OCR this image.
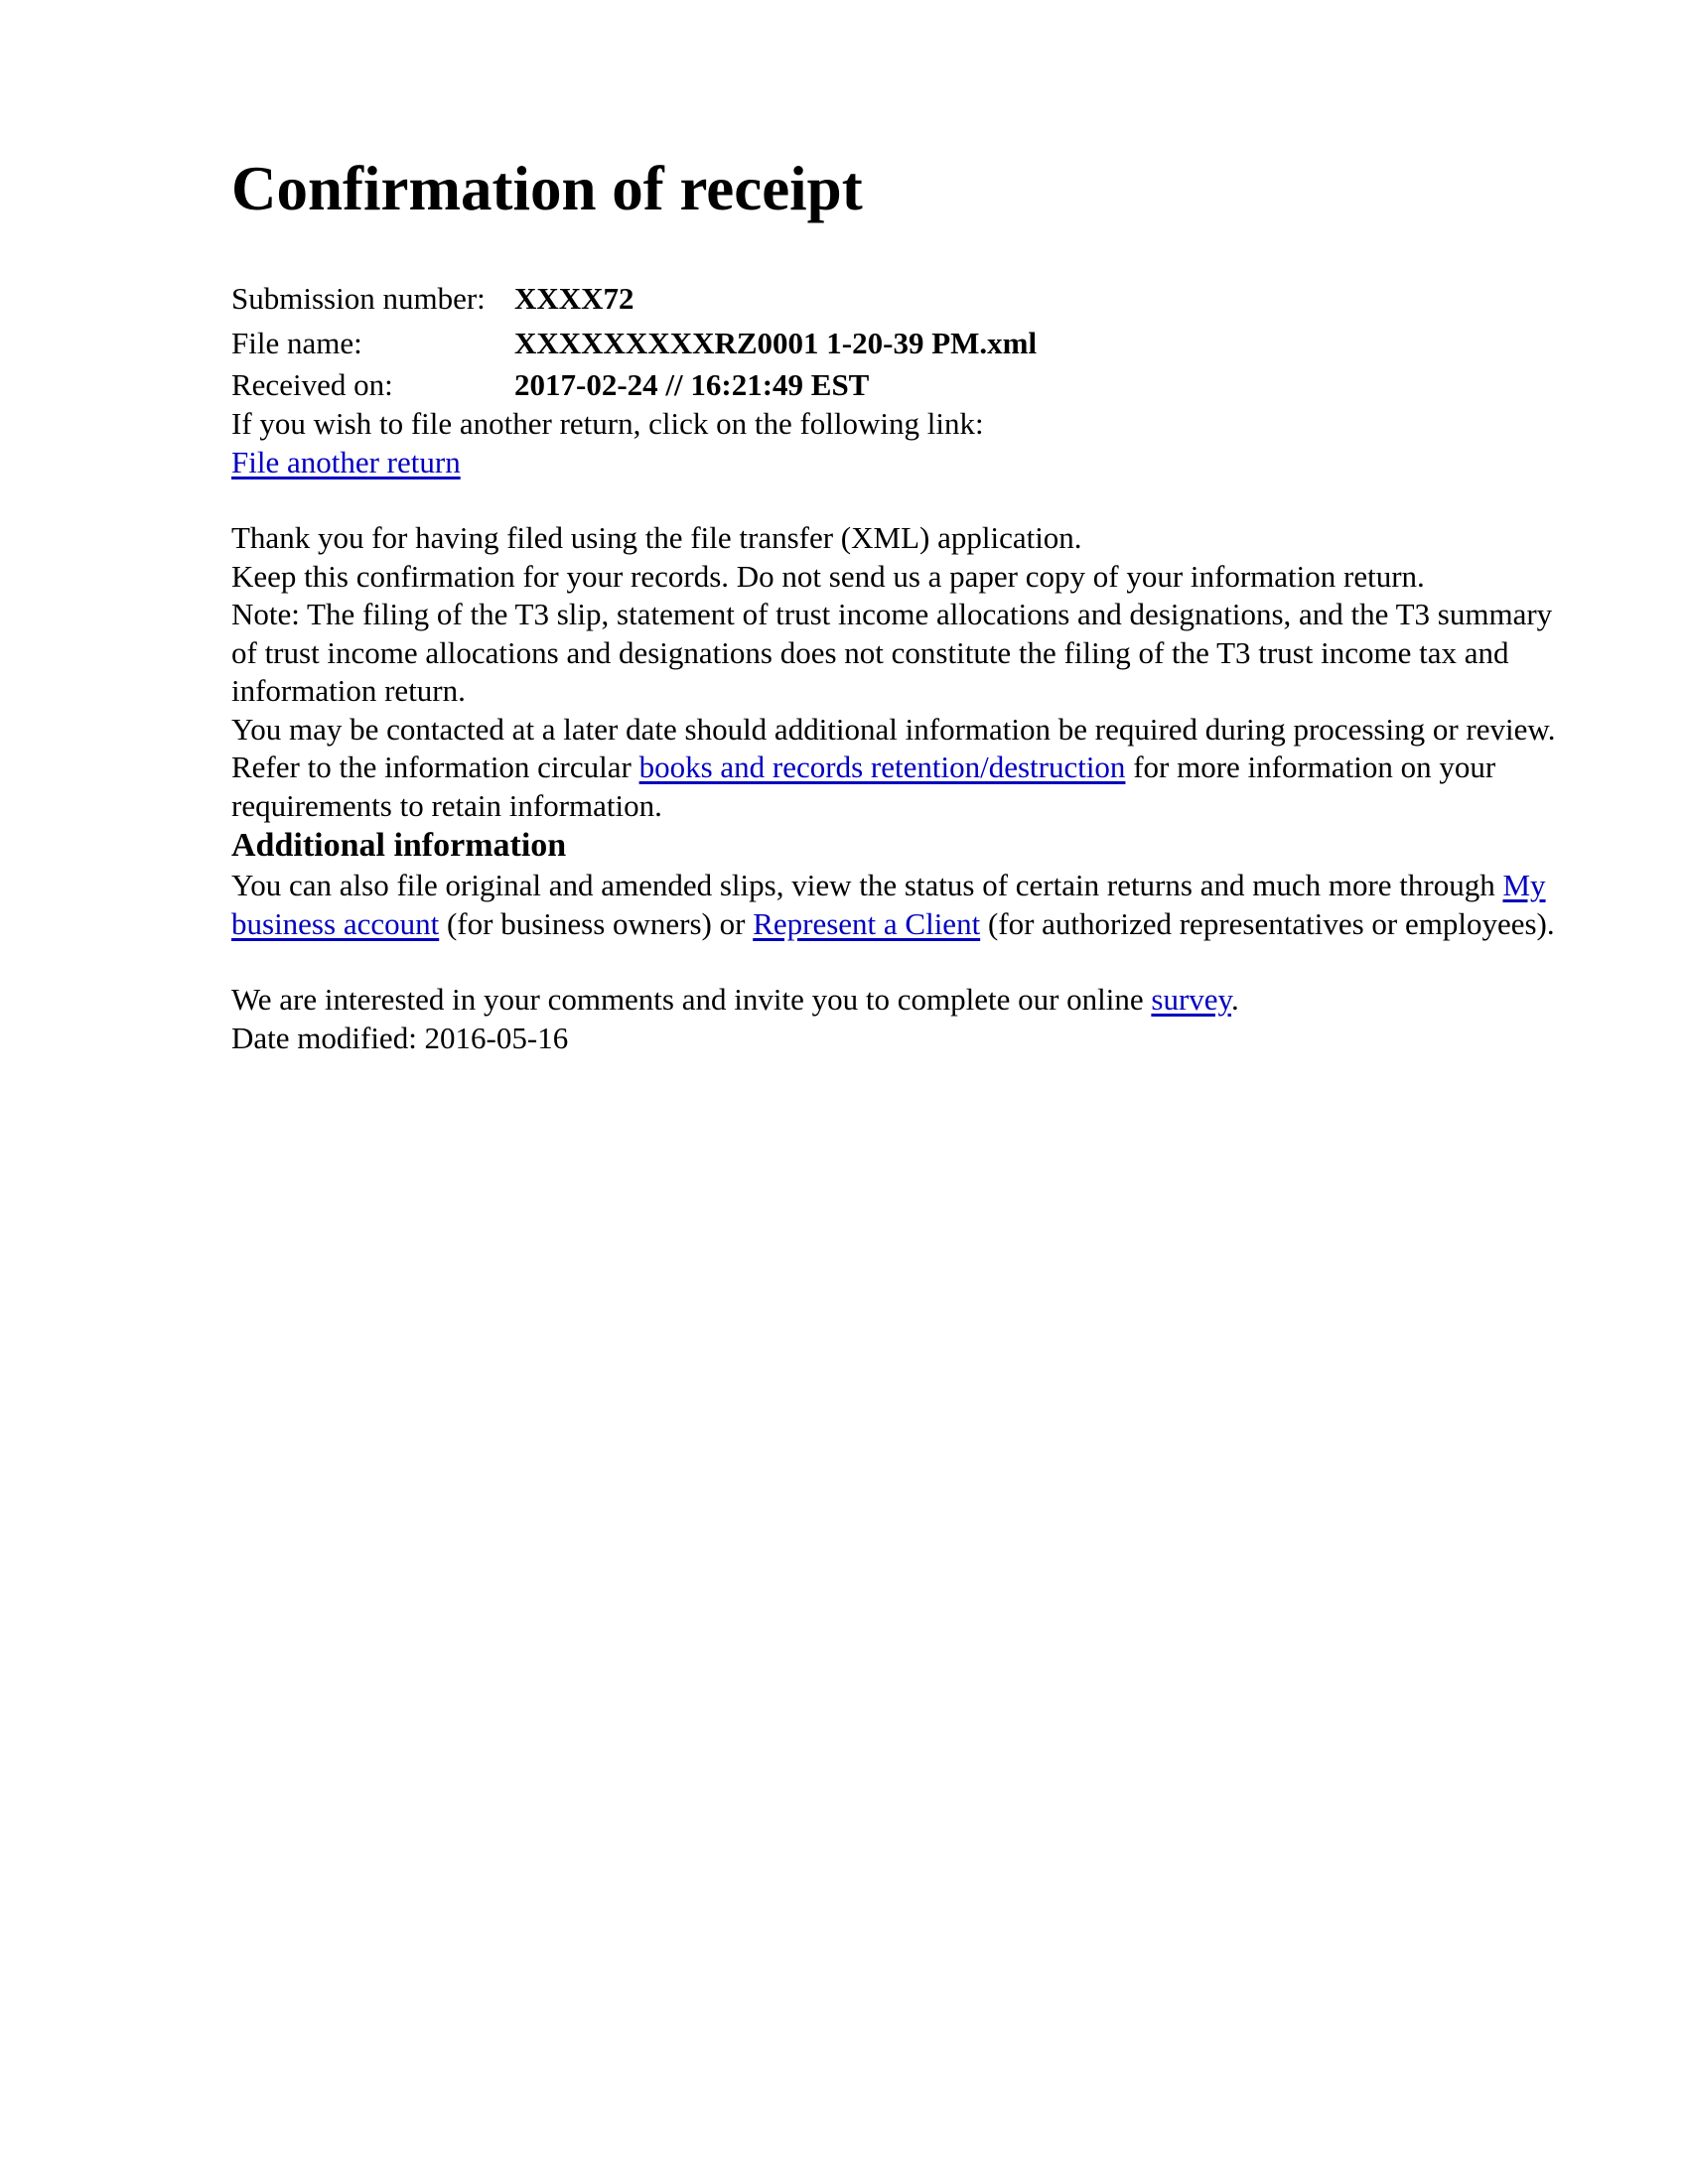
Confirmation of receipt
Submission number: XXXX72
File name:	XXXXXXXXXRZ0001 1-20-39 PM.xml
Received on:	2017-02-24 // 16:21:49 EST

If you wish to file another return, click on the following link:

File another return

Thank you for having filed using the file transfer (XML) application.

Keep this confirmation for your records. Do not send us a paper copy of your information return.

Note: The filing of the T3 slip, statement of trust income allocations and designations, and the T3 summary of trust income allocations and designations does not constitute the filing of the T3 trust income tax and information return.

You may be contacted at a later date should additional information be required during processing or review.

Refer to the information circular books and records retention/destruction for more information on your requirements to retain information.

Additional information

You can also file original and amended slips, view the status of certain returns and much more through My business account (for business owners) or Represent a Client (for authorized representatives or employees).

We are interested in your comments and invite you to complete our online survey.

Date modified: 2016-05-16
